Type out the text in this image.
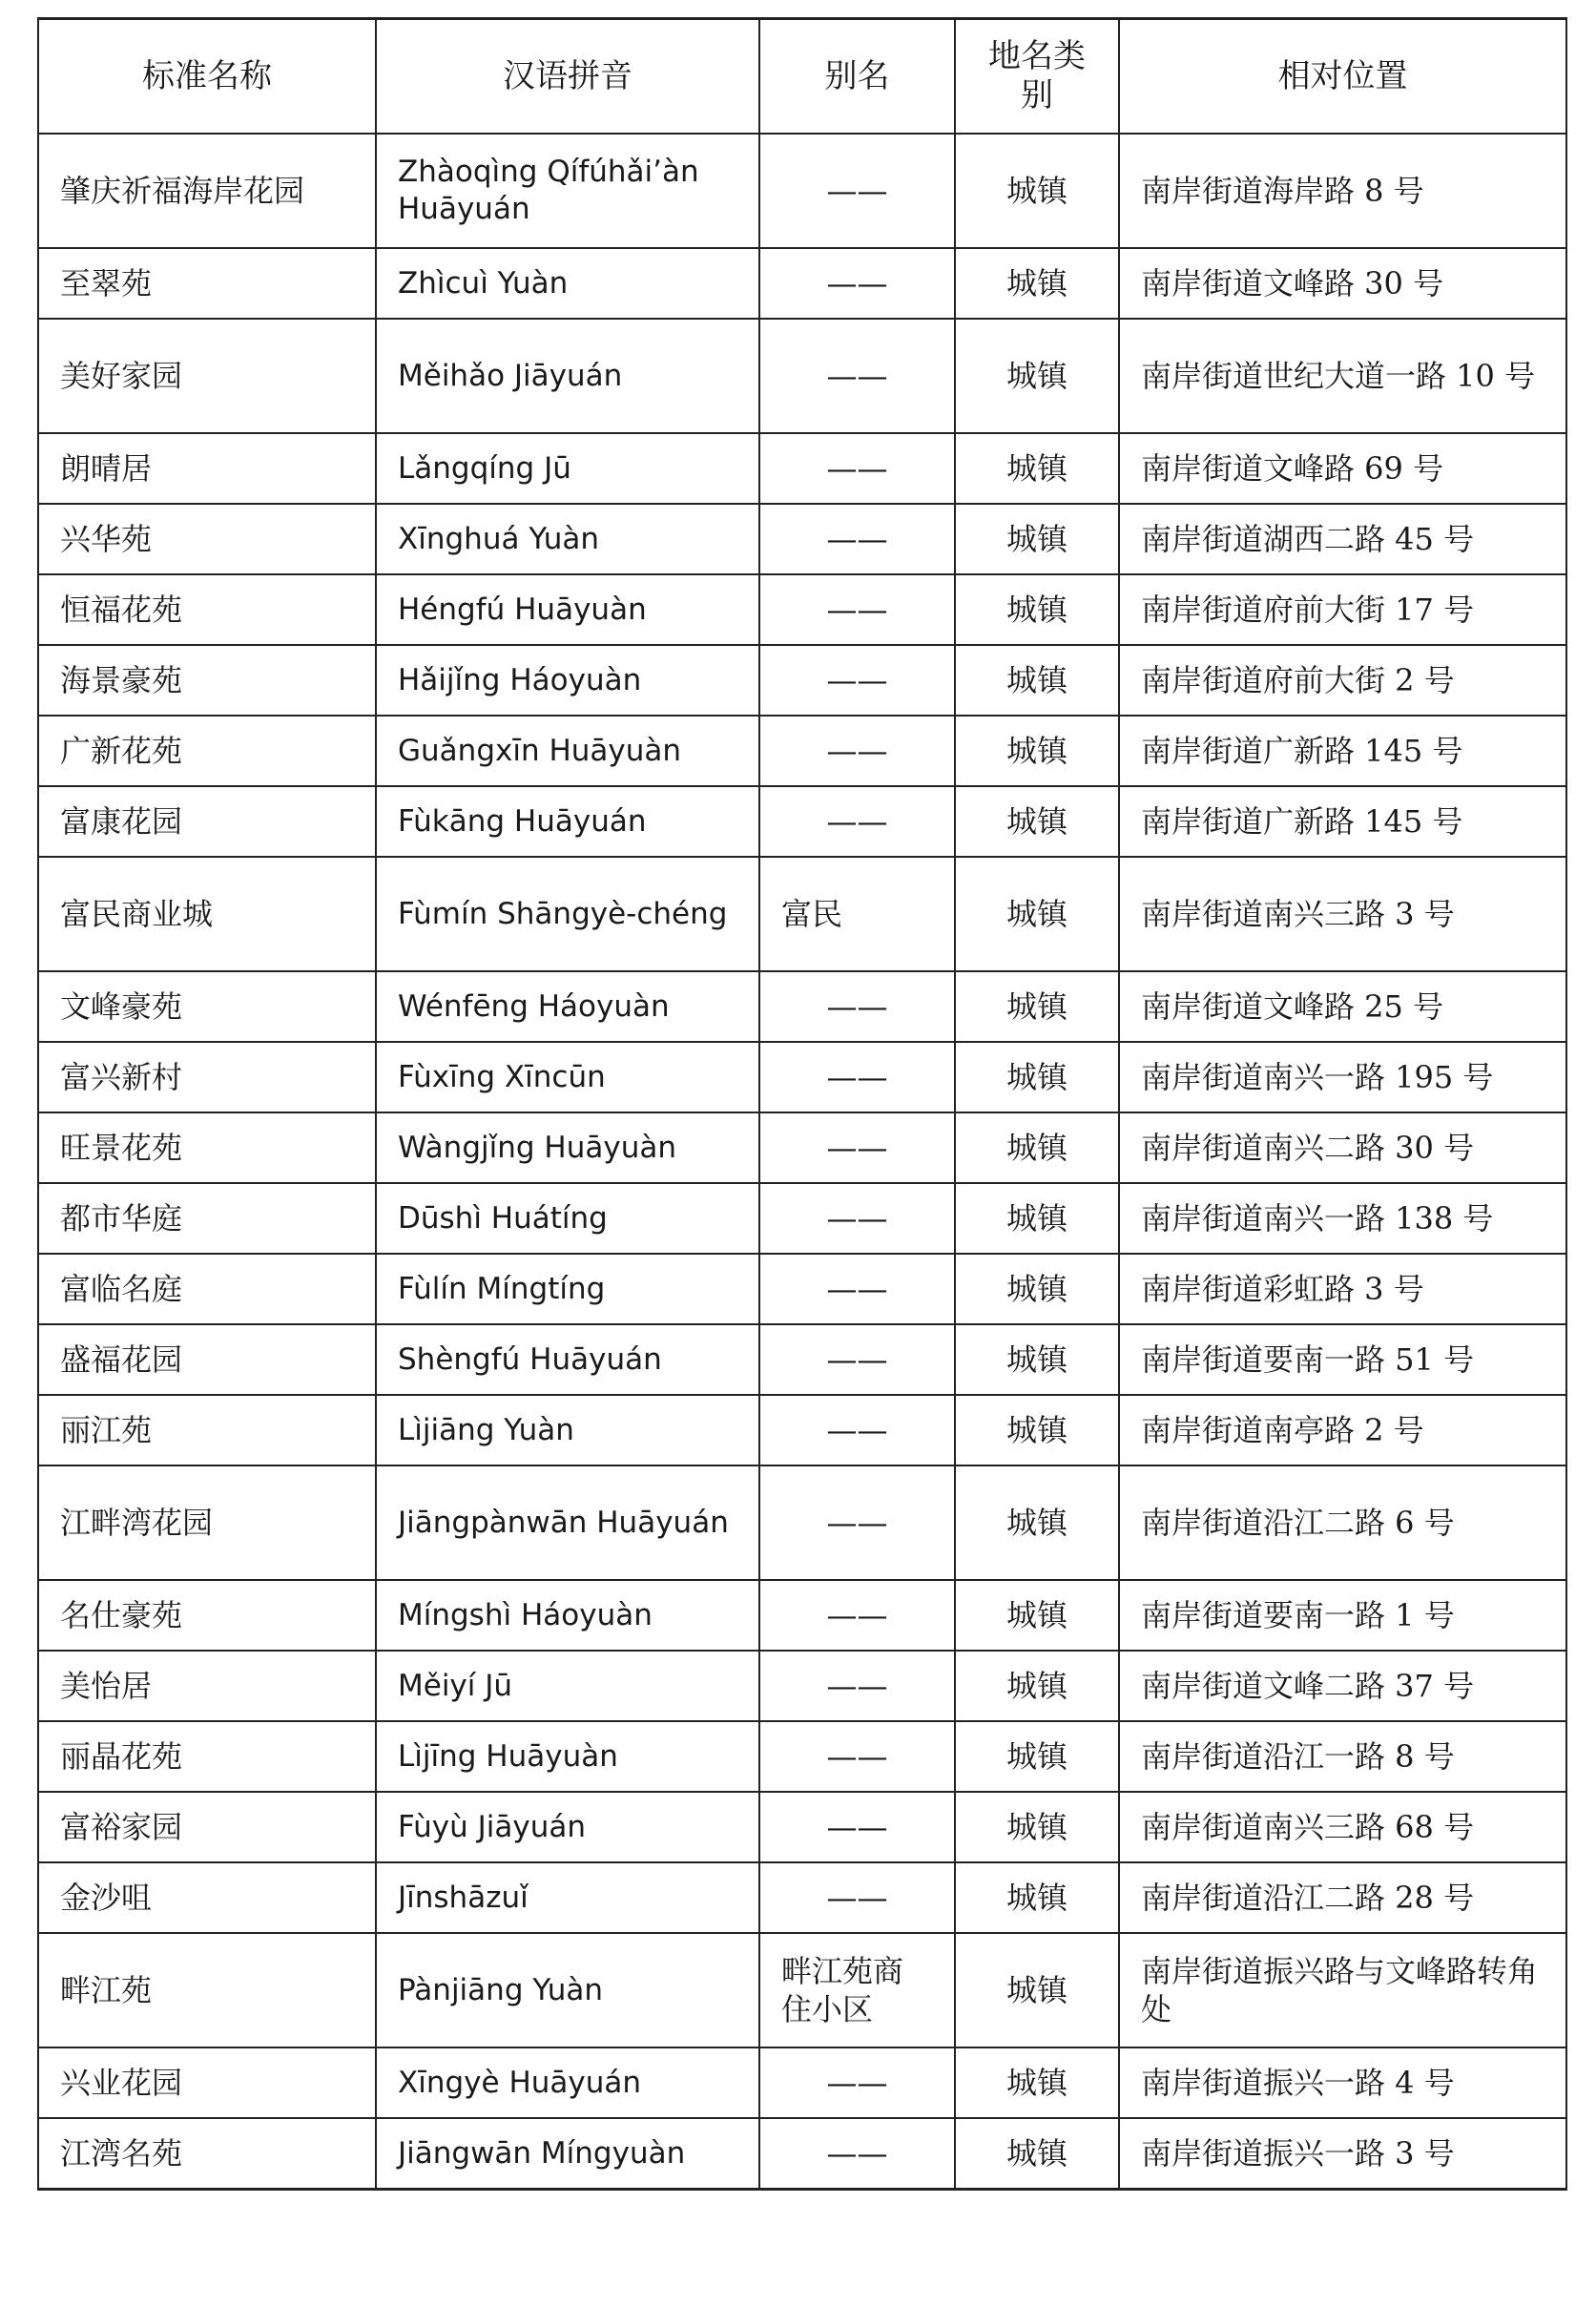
标准名称	汉语拼音	别名	地名类别	相对位置
肇庆祈福海岸花园	Zhàoqìng Qífúhǎi’àn Huāyuán	——	城镇	南岸街道海岸路 8 号
至翠苑	Zhìcuì Yuàn	——	城镇	南岸街道文峰路 30 号
美好家园	Měihǎo Jiāyuán	——	城镇	南岸街道世纪大道一路 10 号
朗晴居	Lǎngqíng Jū	——	城镇	南岸街道文峰路 69 号
兴华苑	Xīnghuá Yuàn	——	城镇	南岸街道湖西二路 45 号
恒福花苑	Héngfú Huāyuàn	——	城镇	南岸街道府前大街 17 号
海景豪苑	Hǎijǐng Háoyuàn	——	城镇	南岸街道府前大街 2 号
广新花苑	Guǎngxīn Huāyuàn	——	城镇	南岸街道广新路 145 号
富康花园	Fùkāng Huāyuán	——	城镇	南岸街道广新路 145 号
富民商业城	Fùmín Shāngyè-chéng	富民	城镇	南岸街道南兴三路 3 号
文峰豪苑	Wénfēng Háoyuàn	——	城镇	南岸街道文峰路 25 号
富兴新村	Fùxīng Xīncūn	——	城镇	南岸街道南兴一路 195 号
旺景花苑	Wàngjǐng Huāyuàn	——	城镇	南岸街道南兴二路 30 号
都市华庭	Dūshì Huátíng	——	城镇	南岸街道南兴一路 138 号
富临名庭	Fùlín Míngtíng	——	城镇	南岸街道彩虹路 3 号
盛福花园	Shèngfú Huāyuán	——	城镇	南岸街道要南一路 51 号
丽江苑	Lìjiāng Yuàn	——	城镇	南岸街道南亭路 2 号
江畔湾花园	Jiāngpànwān Huāyuán	——	城镇	南岸街道沿江二路 6 号
名仕豪苑	Míngshì Háoyuàn	——	城镇	南岸街道要南一路 1 号
美怡居	Měiyí Jū	——	城镇	南岸街道文峰二路 37 号
丽晶花苑	Lìjīng Huāyuàn	——	城镇	南岸街道沿江一路 8 号
富裕家园	Fùyù Jiāyuán	——	城镇	南岸街道南兴三路 68 号
金沙咀	Jīnshāzuǐ	——	城镇	南岸街道沿江二路 28 号
畔江苑	Pànjiāng Yuàn	畔江苑商住小区	城镇	南岸街道振兴路与文峰路转角处
兴业花园	Xīngyè Huāyuán	——	城镇	南岸街道振兴一路 4 号
江湾名苑	Jiāngwān Míngyuàn	——	城镇	南岸街道振兴一路 3 号
